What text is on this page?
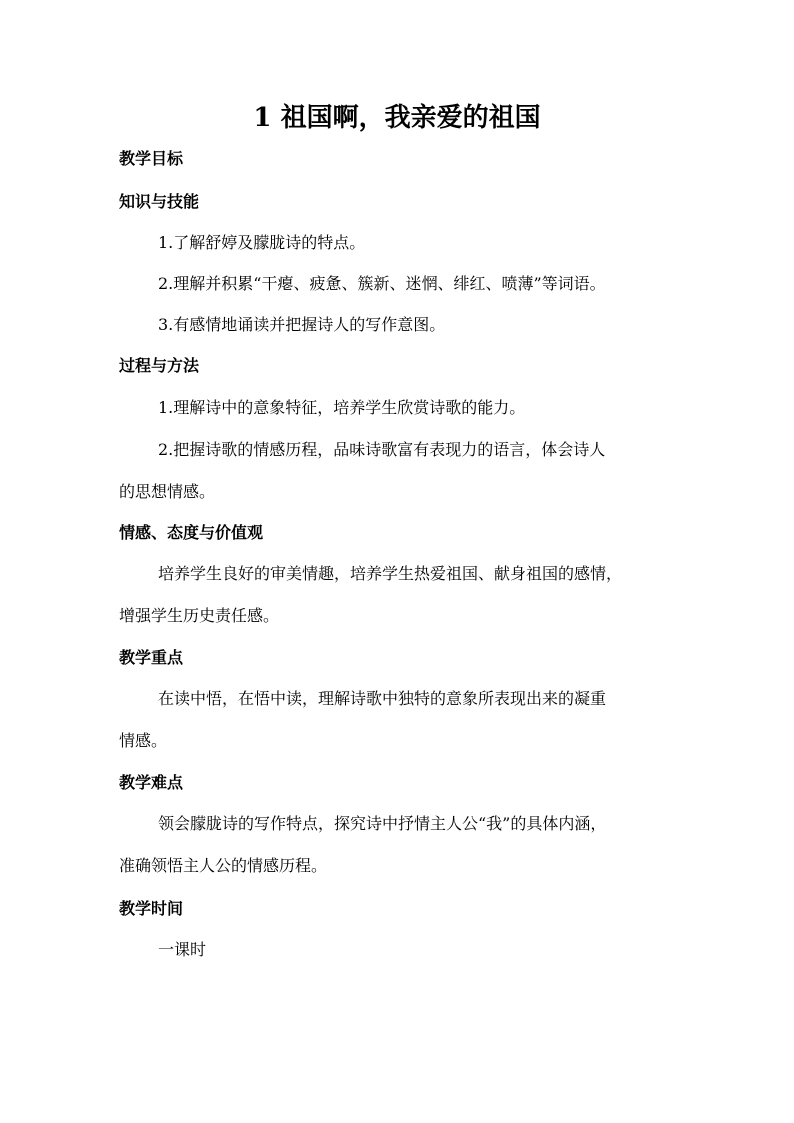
1 祖国啊，我亲爱的祖国
教学目标
知识与技能
1.了解舒婷及朦胧诗的特点。
2.理解并积累“干瘪、疲惫、簇新、迷惘、绯红、喷薄”等词语。
3.有感情地诵读并把握诗人的写作意图。
过程与方法
1.理解诗中的意象特征，培养学生欣赏诗歌的能力。
2.把握诗歌的情感历程，品味诗歌富有表现力的语言，体会诗人
的思想情感。
情感、态度与价值观
培养学生良好的审美情趣，培养学生热爱祖国、献身祖国的感情，
增强学生历史责任感。
教学重点
在读中悟，在悟中读，理解诗歌中独特的意象所表现出来的凝重
情感。
教学难点
领会朦胧诗的写作特点，探究诗中抒情主人公“我”的具体内涵，
准确领悟主人公的情感历程。
教学时间
一课时
